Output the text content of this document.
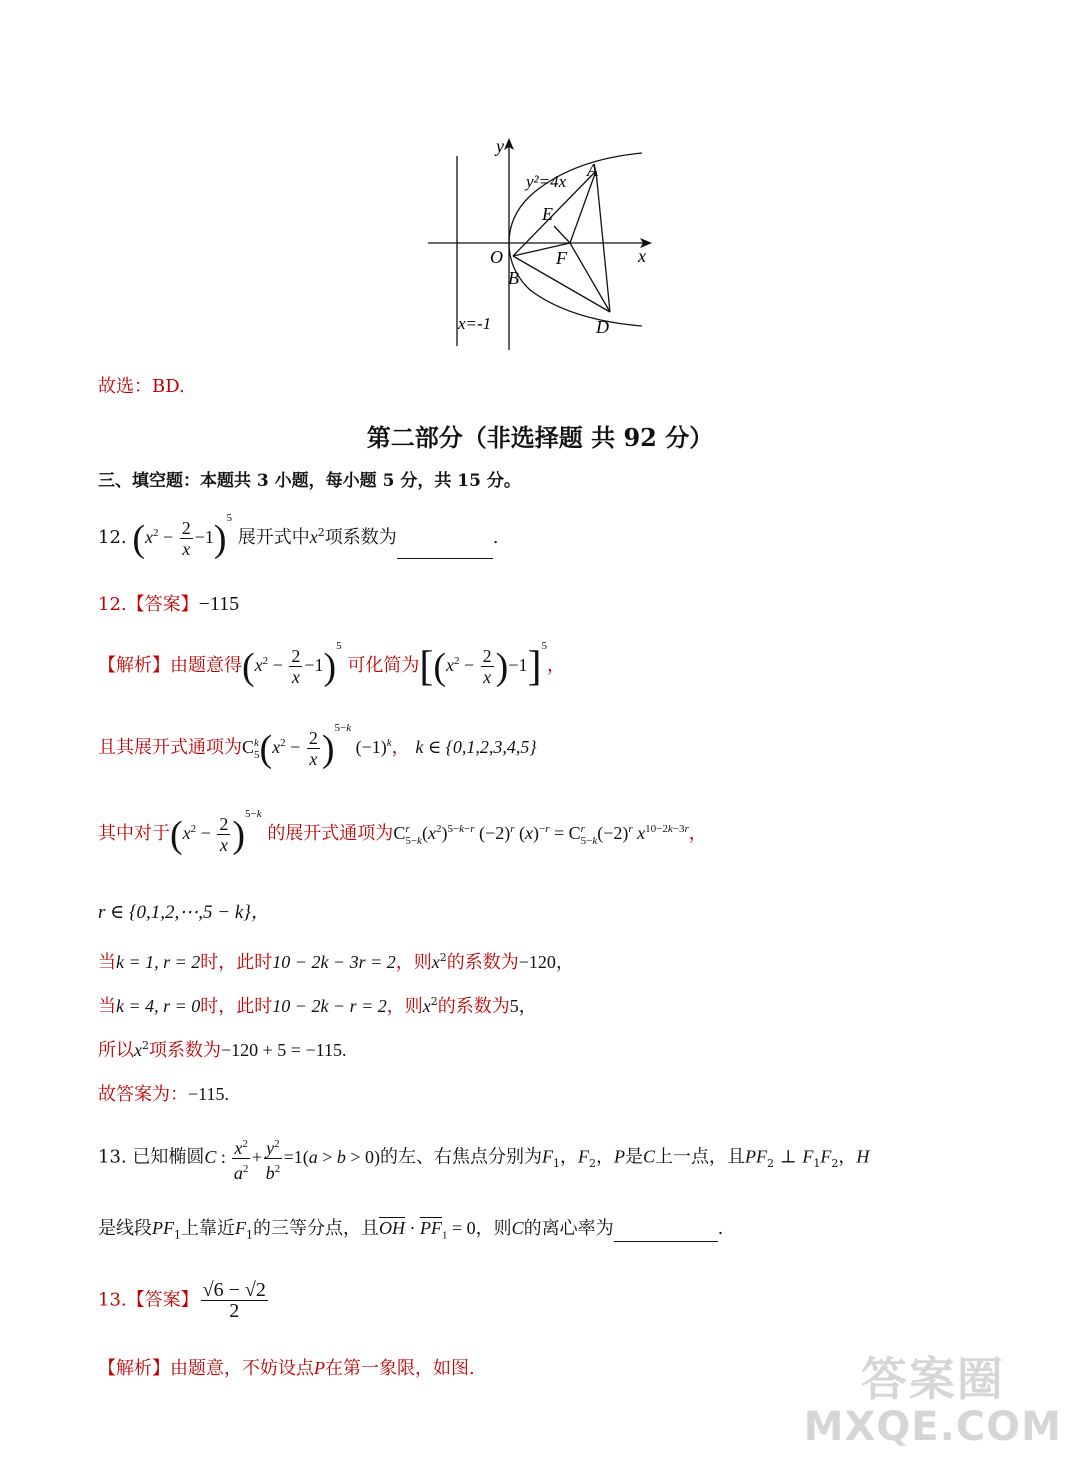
y
x
O
A
B
D
E
F
y²=4x
x=-1
故选：BD.
第二部分（非选择题 共 92 分）
三、填空题：本题共 3 小题，每小题 5 分，共 15 分。
12. $(x^2 - \frac{2}{x} -1)^5$ 展开式中$x^2$项系数为	.
12.【答案】−115
【解析】由题意得$(x^2 - \frac{2}{x} -1)^5$ 可化简为$[(x^2 - \frac{2}{x} )-1]^5$，
且其展开式通项为C k
5 $(x^2 - \frac{2}{x} )^{5-k}$ $(-1)^k$， k ∈ {0,1,2,3,4,5}
其中对于$(x^2 - \frac{2}{x} )^{5-k}$ 的展开式通项为C r
5−k $(x^2)^{5-k-r}$ $(-2)^r$ $(x)^{-r} = C$ r
5−k $(-2)^r$ $x^{10-2k-3r}$，
r ∈ {0,1,2,⋯,5 − k}，
当k = 1, r = 2时，此时10 − 2k − 3r = 2，则$x^2$的系数为−120，
当k = 4, r = 0时，此时10 − 2k − r = 2，则$x^2$的系数为5，
所以$x^2$项系数为−120 + 5 = −115.
故答案为：−115.
13. 已知椭圆C : $\frac{x^2}{a^2} + \frac{y^2}{b^2} =1(a > b > 0)$的左、右焦点分别为$F_1$，$F_2$，P是C上一点，且$PF_2$ ⊥ $F_1F_2$，H
是线段$PF_1$上靠近$F_1$的三等分点，且$\overline{OH} \cdot \overline{PF}_1 = 0$，则C的离心率为	.
13.【答案】 $\frac{√6 - √2}{2}$
【解析】由题意，不妨设点P在第一象限，如图.	答案圈
MXQE.COM
